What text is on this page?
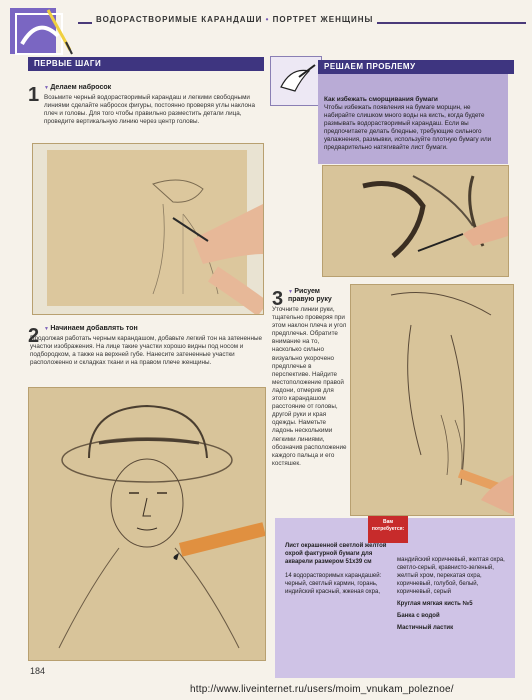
ВОДОРАСТВОРИМЫЕ КАРАНДАШИ • ПОРТРЕТ ЖЕНЩИНЫ
ПЕРВЫЕ ШАГИ
1	▼ Делаем набросок
Возьмите черный водорастворимый карандаш и легкими свободными линиями сделайте набросок фигуры, постоянно проверяя углы наклона плеч и головы. Для того чтобы правильно разместить детали лица, проведите вертикальную линию через центр головы.
РЕШАЕМ ПРОБЛЕМУ
Как избежать сморщивания бумаги
Чтобы избежать появления на бумаге морщин, не набирайте слишком много воды на кисть, когда будете размывать водорастворимый карандаш. Если вы предпочитаете делать бледные, требующие сильного увлажнения, размывки, используйте плотную бумагу или предварительно натягивайте лист бумаги.
2	▼ Начинаем добавлять тон
Продолжая работать черным карандашом, добавьте легкий тон на затененные участки изображения. На лице такие участки хорошо видны под носом и подбородком, а также на верхней губе. Нанесите затененные участки расположенно и складках ткани и на правом плече женщины.
3	▼ Рисуем
правую руку
Уточните линии руки, тщательно проверяя при этом наклон плеча и угол предплечья. Обратите внимание на то, насколько сильно визуально укорочено предплечье в перспективе. Найдите местоположение правой ладони, отмерив для этого карандашом расстояние от головы, другой руки и края одежды. Наметьте ладонь несколькими легкими линиями, обозначив расположение каждого пальца и его костяшек.
Лист окрашенной светлой желтой охрой фактурной бумаги для акварели размером 51x39 см
14 водорастворимых карандашей: черный, светлый кармин, горань, индийский красный, жженая охра,
мандийский коричневый, желтая охра, светло-серый, кравнисто-зеленый, желтый хром, перекатая охра, коричневый, голубой, белый, коричневый, серый
Круглая мягкая кисть №5
Банка с водой
Мастичный ластик
Вам потребуется:
184
http://www.liveinternet.ru/users/moim_vnukam_poleznoe/
